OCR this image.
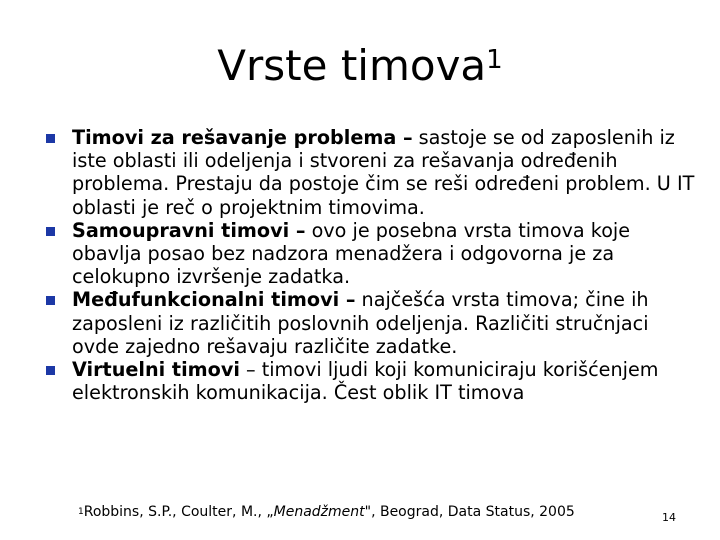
Vrste timova$^1$
Timovi za rešavanje problema – sastoje se od zaposlenih iz iste oblasti ili odeljenja i stvoreni za rešavanja određenih problema. Prestaju da postoje čim se reši određeni problem. U IT oblasti je reč o projektnim timovima.
Samoupravni timovi – ovo je posebna vrsta timova koje obavlja posao bez nadzora menadžera i odgovorna je za celokupno izvršenje zadatka.
Međufunkcionalni timovi – najčešća vrsta timova; čine ih zaposleni iz različitih poslovnih odeljenja. Različiti stručnjaci ovde zajedno rešavaju različite zadatke.
Virtuelni timovi – timovi ljudi koji komuniciraju korišćenjem elektronskih komunikacija. Čest oblik IT timova
$^1$Robbins, S.P., Coulter, M., „Menadžment", Beograd, Data Status, 2005	14
